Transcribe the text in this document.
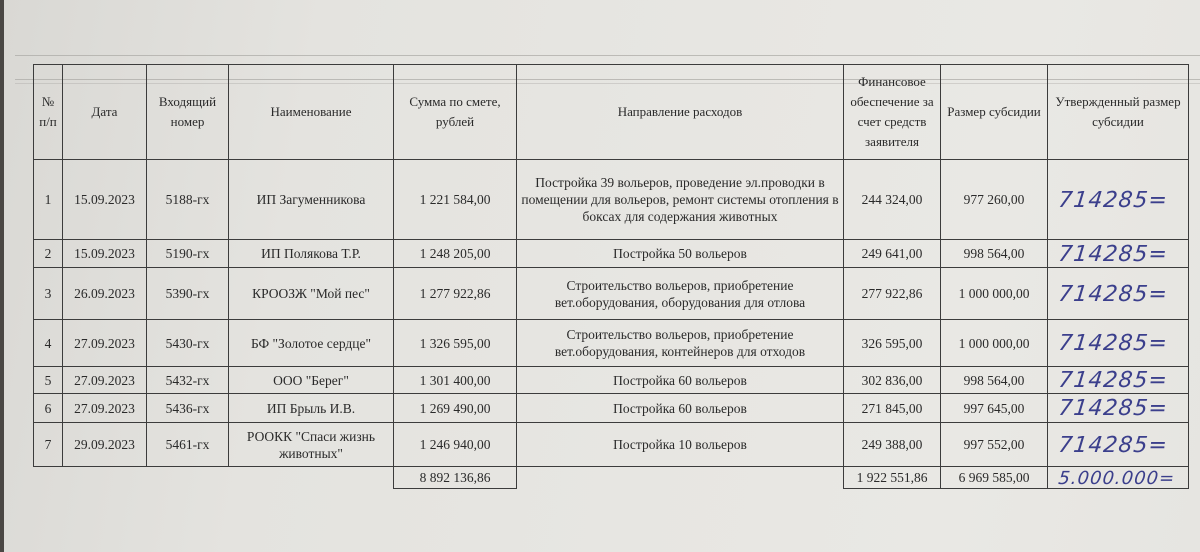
№ п/п	Дата	Входящий номер	Наименование	Сумма по смете, рублей	Направление расходов	Финансовое обеспечение за счет средств заявителя	Размер субсидии	Утвержденный размер субсидии
1	15.09.2023	5188-гх	ИП Загуменникова	1 221 584,00	Постройка 39 вольеров, проведение эл.проводки в помещении для вольеров, ремонт системы отопления в боксах для содержания животных	244 324,00	977 260,00	714285=
2	15.09.2023	5190-гх	ИП Полякова Т.Р.	1 248 205,00	Постройка 50 вольеров	249 641,00	998 564,00	714285=
3	26.09.2023	5390-гх	КРООЗЖ "Мой пес"	1 277 922,86	Строительство вольеров, приобретение вет.оборудования, оборудования для отлова	277 922,86	1 000 000,00	714285=
4	27.09.2023	5430-гх	БФ "Золотое сердце"	1 326 595,00	Строительство вольеров, приобретение вет.оборудования, контейнеров для отходов	326 595,00	1 000 000,00	714285=
5	27.09.2023	5432-гх	ООО "Берег"	1 301 400,00	Постройка 60 вольеров	302 836,00	998 564,00	714285=
6	27.09.2023	5436-гх	ИП Брыль И.В.	1 269 490,00	Постройка 60 вольеров	271 845,00	997 645,00	714285=
7	29.09.2023	5461-гх	РООКК "Спаси жизнь животных"	1 246 940,00	Постройка 10 вольеров	249 388,00	997 552,00	714285=
				8 892 136,86		1 922 551,86	6 969 585,00	5.000.000=
